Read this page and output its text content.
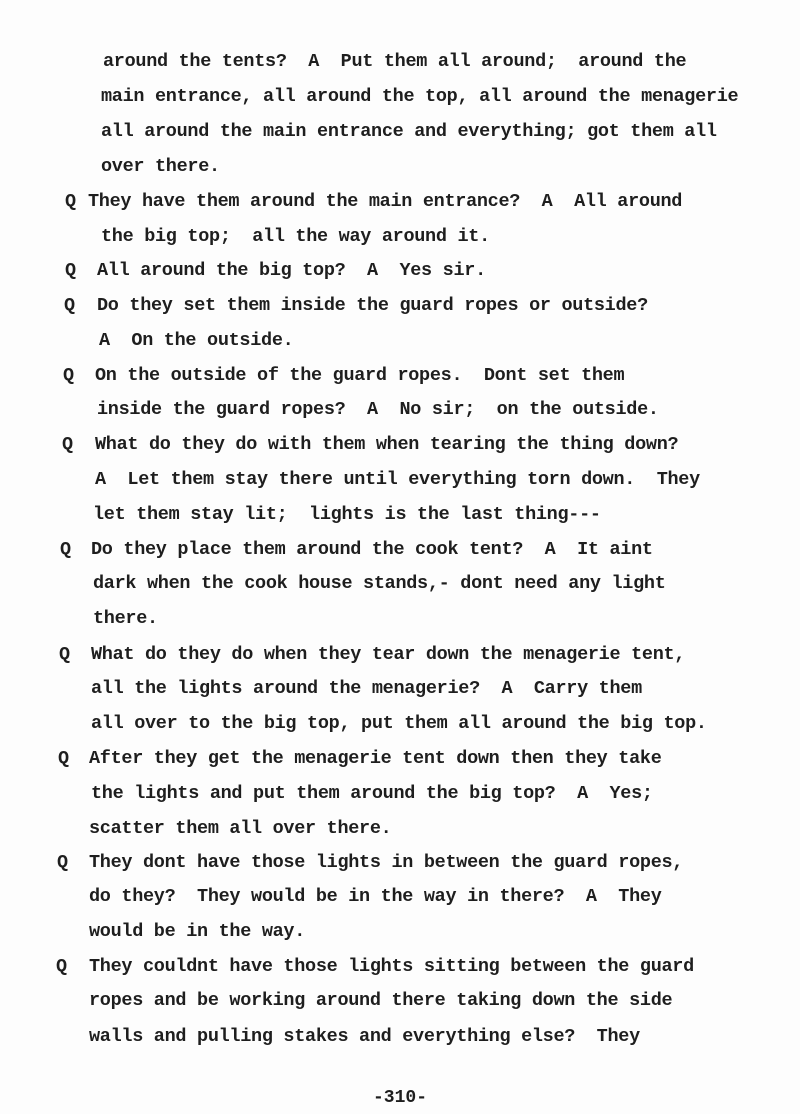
around the tents?  A  Put them all around;  around the
main entrance, all around the top, all around the menagerie
all around the main entrance and everything; got them all
over there.
Q They have them around the main entrance?  A  All around
the big top;  all the way around it.
Q All around the big top?  A  Yes sir.
Q Do they set them inside the guard ropes or outside?
A  On the outside.
Q On the outside of the guard ropes.  Dont set them
inside the guard ropes?  A  No sir;  on the outside.
Q What do they do with them when tearing the thing down?
A  Let them stay there until everything torn down.  They
let them stay lit;  lights is the last thing---
Q Do they place them around the cook tent?  A  It aint
dark when the cook house stands,- dont need any light
there.
Q What do they do when they tear down the menagerie tent,
all the lights around the menagerie?  A  Carry them
all over to the big top, put them all around the big top.
Q After they get the menagerie tent down then they take
the lights and put them around the big top?  A  Yes;
scatter them all over there.
Q They dont have those lights in between the guard ropes,
do they?  They would be in the way in there?  A  They
would be in the way.
Q They couldnt have those lights sitting between the guard
ropes and be working around there taking down the side
walls and pulling stakes and everything else?  They
-310-
